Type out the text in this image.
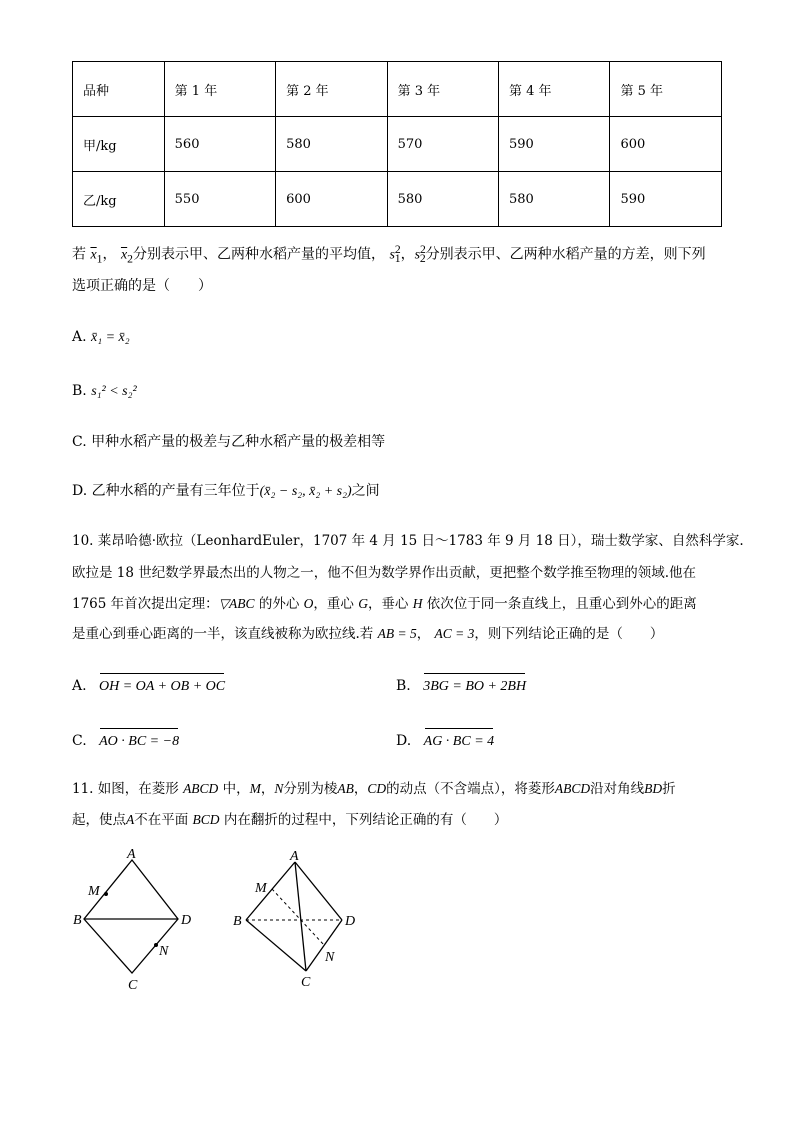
品种	第 1 年	第 2 年	第 3 年	第 4 年	第 5 年
甲/kg	560	580	570	590	600
乙/kg	550	600	580	580	590
若 $\overline{x}_1$， $\overline{x}_2$分别表示甲、乙两种水稻产量的平均值， $s^2_1$，$s^2_2$分别表示甲、乙两种水稻产量的方差，则下列
选项正确的是（　　）
A. x̄₁ = x̄₂
B. s₁² < s₂²
C. 甲种水稻产量的极差与乙种水稻产量的极差相等
D. 乙种水稻的产量有三年位于(x̄₂ − s₂, x̄₂ + s₂)之间
10. 莱昂哈德·欧拉（LeonhardEuler，1707 年 4 月 15 日～1783 年 9 月 18 日），瑞士数学家、自然科学家.
欧拉是 18 世纪数学界最杰出的人物之一，他不但为数学界作出贡献，更把整个数学推至物理的领域.他在
1765 年首次提出定理：▽ABC 的外心 O，重心 G，垂心 H 依次位于同一条直线上，且重心到外心的距离
是重心到垂心距离的一半，该直线被称为欧拉线.若 AB = 5， AC = 3，则下列结论正确的是（　　）
A. OH = OA + OB + OC	B. 3BG = BO + 2BH
C. AO · BC = −8	D. AG · BC = 4
11. 如图，在菱形 ABCD 中，M，N分别为棱AB，CD的动点（不含端点），将菱形ABCD沿对角线BD折
起，使点A不在平面 BCD 内在翻折的过程中，下列结论正确的有（　　）
A
B
C
D
M
N
A
B
C
D
M
N
